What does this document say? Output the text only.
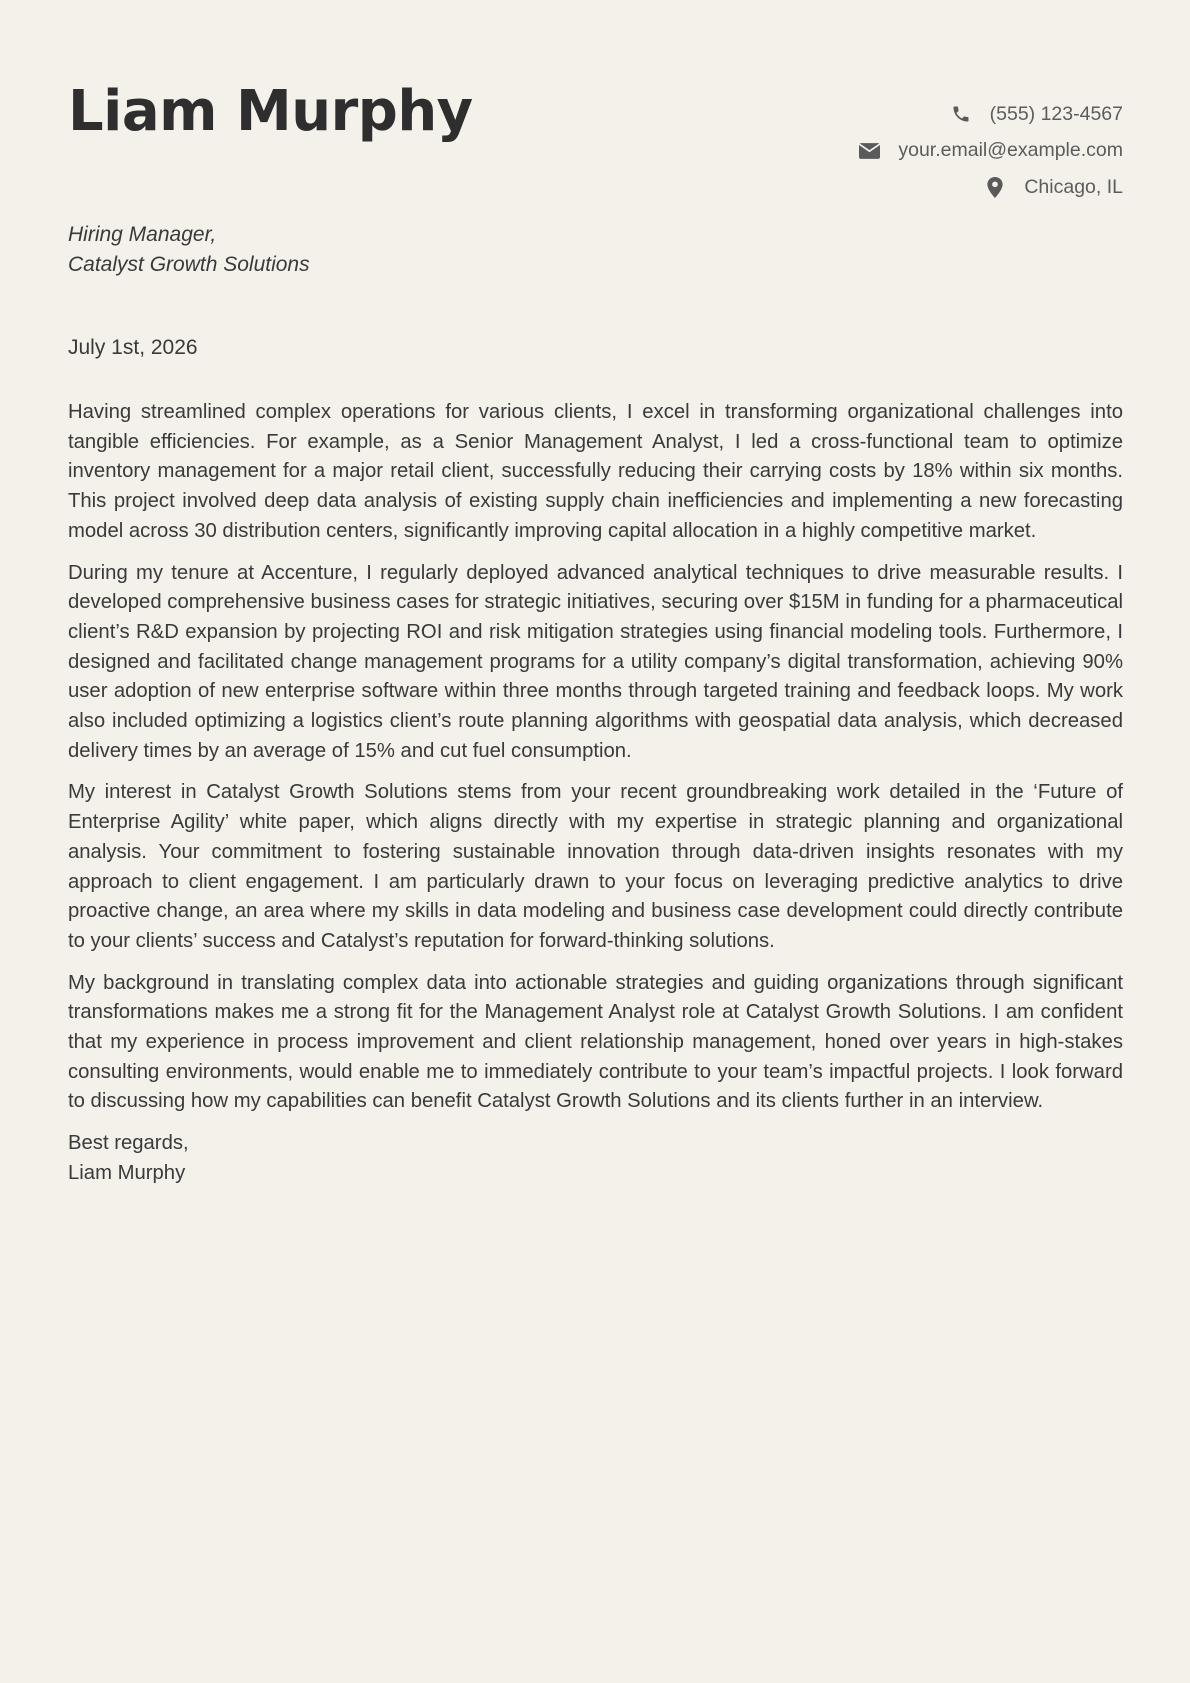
Liam Murphy	(555) 123-4567
your.email@example.com
Chicago, IL
Hiring Manager,
Catalyst Growth Solutions
July 1st, 2026

Having streamlined complex operations for various clients, I excel in transforming organizational challenges into tangible efficiencies. For example, as a Senior Management Analyst, I led a cross-functional team to optimize inventory management for a major retail client, successfully reducing their carrying costs by 18% within six months. This project involved deep data analysis of existing supply chain inefficiencies and implementing a new forecasting model across 30 distribution centers, significantly improving capital allocation in a highly competitive market.

During my tenure at Accenture, I regularly deployed advanced analytical techniques to drive measurable results. I developed comprehensive business cases for strategic initiatives, securing over $15M in funding for a pharmaceutical client’s R&D expansion by projecting ROI and risk mitigation strategies using financial modeling tools. Furthermore, I designed and facilitated change management programs for a utility company’s digital transformation, achieving 90% user adoption of new enterprise software within three months through targeted training and feedback loops. My work also included optimizing a logistics client’s route planning algorithms with geospatial data analysis, which decreased delivery times by an average of 15% and cut fuel consumption.

My interest in Catalyst Growth Solutions stems from your recent groundbreaking work detailed in the ‘Future of Enterprise Agility’ white paper, which aligns directly with my expertise in strategic planning and organizational analysis. Your commitment to fostering sustainable innovation through data-driven insights resonates with my approach to client engagement. I am particularly drawn to your focus on leveraging predictive analytics to drive proactive change, an area where my skills in data modeling and business case development could directly contribute to your clients’ success and Catalyst’s reputation for forward-thinking solutions.

My background in translating complex data into actionable strategies and guiding organizations through significant transformations makes me a strong fit for the Management Analyst role at Catalyst Growth Solutions. I am confident that my experience in process improvement and client relationship management, honed over years in high-stakes consulting environments, would enable me to immediately contribute to your team’s impactful projects. I look forward to discussing how my capabilities can benefit Catalyst Growth Solutions and its clients further in an interview.

Best regards,
Liam Murphy
